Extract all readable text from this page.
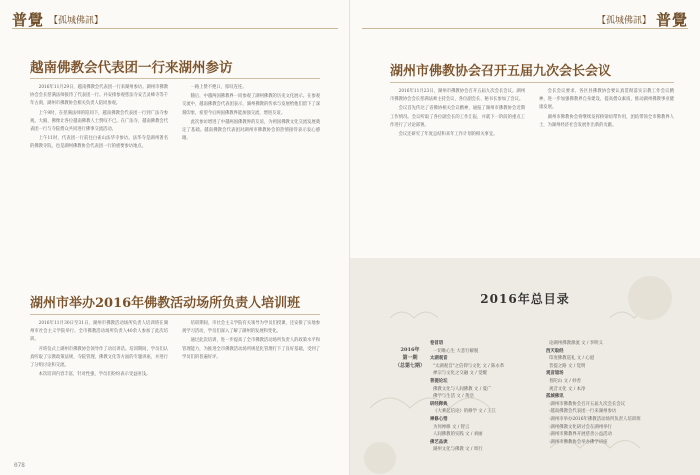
普覺 【孤城佛訊】
越南佛教会代表团一行来湖州参访

2016年11月29日，越南佛教会代表团一行来湖州参访。湖州市佛教协会会长慈满法师接待了代表团一行。并安排参观慈法寺安吉灵峰寺等千年古刹，湖州市佛教协会相关负责人陪同参观。

上午9时，在慈满法师的陪同下，越南佛教会代表团一行到广法寺参观。大殿、佛像让各位越南佛教人士赞叹不已。在广法寺，越南佛教会代表团一行与寺院僧众共同进行佛事交流活动。

上午11时，代表团一行前往白雀山法华寺参访。法华寺是湖州著名的佛教寺院，也是湖州佛教协会代表团一行的重要参访地点。

一路上赞不绝口，惊叹连连。

随后，中越两国佛教界一同参观了湖州佛教的历史文化展示。在参观交流中，越南佛教会代表团表示，湖州佛教的传承与发展给他们留下了深刻印象，希望今后两国佛教界能加强交流，增进友谊。

此次参访增进了中越两国佛教界的友谊，为两国佛教文化交流发展奠定了基础。越南佛教会代表团对湖州市佛教协会的热情接待表示衷心感谢。

湖州市举办2016年佛教活动场所负责人培训班

2016年11月30日至31日，湖州市佛教活动场所负责人培训班在湖州市社会主义学院举行。全市佛教活动场所负责人40余人参加了此次培训。

开班仪式上湖州市佛教协会领导作了动员讲话。培训期间，学员们认真听取了宗教政策法规、寺院管理、佛教文化等方面的专题讲座，并进行了分组讨论和交流。

本次培训内容丰富，针对性强，学员们纷纷表示受益匪浅。

培训期间，市社会主义学院有关领导为学员们授课，还安排了实地参观学习活动，学员们深入了解了湖州的发展和变化。

通过此次培训，进一步提高了全市佛教活动场所负责人的政策水平和管理能力，为推进全市佛教活动场所规范化管理打下了良好基础，受到了学员们的普遍好评。

078
【孤城佛訊】 普覺
湖州市佛教协会召开五届九次会长会议

2016年11月23日，湖州市佛教协会召开五届九次会长会议。湖州市佛教协会会长慈满法师主持会议，各位副会长、秘书长参加了会议。

会议首先传达了省佛协相关会议精神，通报了湖州市佛教协会近期工作情况。会议听取了各位副会长的工作汇报，并就下一阶段的重点工作进行了讨论部署。

会议还研究了年度总结和来年工作计划的相关事宜。

会长会议要求，各区县佛教协会要认真贯彻落实宗教工作会议精神，进一步加强佛教界自身建设，提高僧众素质，推动湖州佛教事业健康发展。

湖州市佛教协会将继续发挥桥梁纽带作用，团结带领全市佛教界人士，为湖州经济社会发展作出新的贡献。

2016年总目录
2016年
第一期
（总第七期）
卷首语
一切唯心生 大悲行解脱
太湖观音
"太湖观音"之信仰与文化 文 / 陈永革
禅宗与文化之交融 文 / 觉醒
菩提论坛
佛教文化与人间佛教 文 / 夏广
佛学与生活 文 / 黄浩
研经释典
《大乘起信论》的修学 文 / 王江
禅修心悟
为何禅修 文 / 智云
人间佛教的实践 文 / 刘丽
佛艺品读
湖州文化与佛教 文 / 周行
论湖州佛教源流 文 / 李明义
西天取经
印度佛教巡礼 文 / 心澄
菩提之路 文 / 觉明
观音道场
普陀山 文 / 妙善
观音文化 文 / 本净
孤城佛讯
·湖州市佛教协会召开五届九次会长会议
·越南佛教会代表团一行来湖州参访
·湖州市举办2016年佛教活动场所负责人培训班
·湖州佛教文化研讨会在湖州举行
·湖州市佛教界开展慈善公益活动
·湖州市佛教协会举办佛学讲座
